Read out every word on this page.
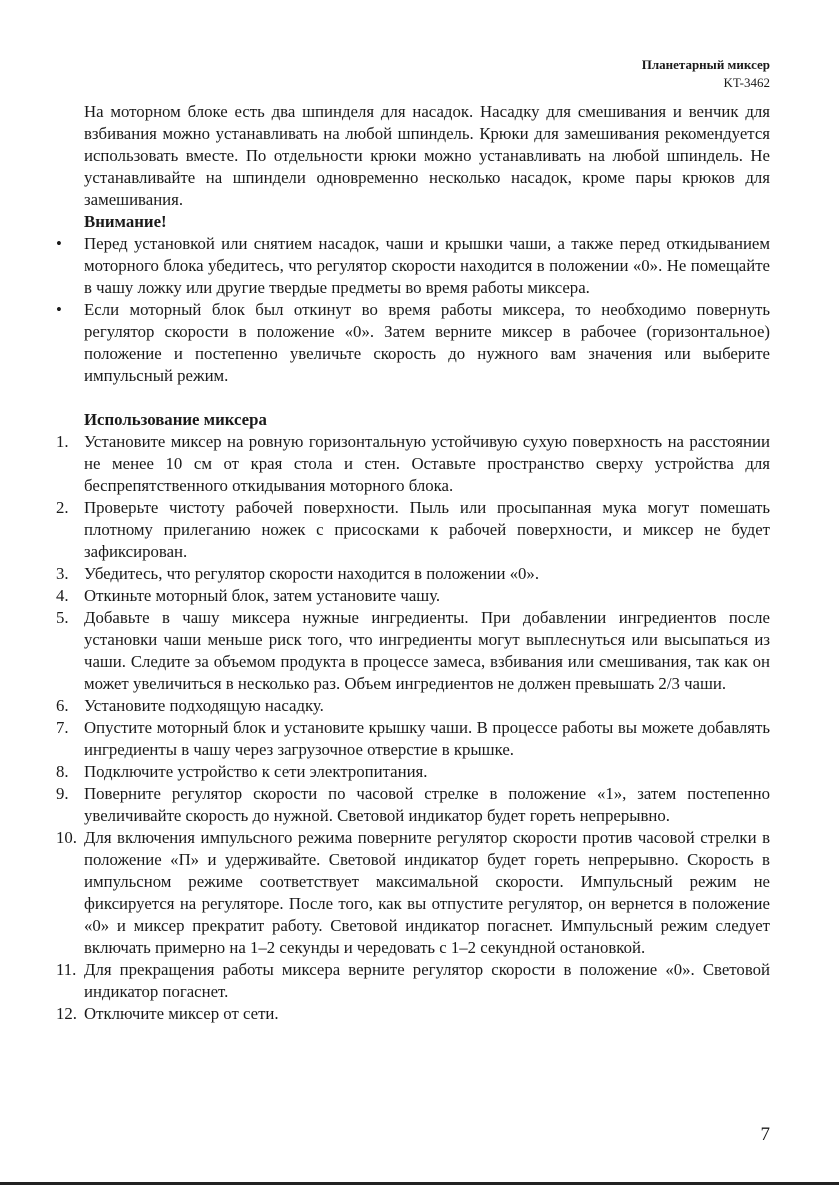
Планетарный миксер
KT-3462

На моторном блоке есть два шпинделя для насадок. Насадку для смешивания и венчик для взбивания можно устанавливать на любой шпиндель. Крюки для замешивания рекомендуется использовать вместе. По отдельности крюки можно устанавливать на любой шпиндель. Не устанавливайте на шпиндели одновременно несколько насадок, кроме пары крюков для замешивания.

Внимание!

•	Перед установкой или снятием насадок, чаши и крышки чаши, а также перед откидыванием моторного блока убедитесь, что регулятор скорости находится в положении «0». Не помещайте в чашу ложку или другие твердые предметы во время работы миксера.
•	Если моторный блок был откинут во время работы миксера, то необходимо повернуть регулятор скорости в положение «0». Затем верните миксер в рабочее (горизонтальное) положение и постепенно увеличьте скорость до нужного вам значения или выберите импульсный режим.

Использование миксера

1. Установите миксер на ровную горизонтальную устойчивую сухую поверхность на расстоянии не менее 10 см от края стола и стен. Оставьте пространство сверху устройства для беспрепятственного откидывания моторного блока.
2. Проверьте чистоту рабочей поверхности. Пыль или просыпанная мука могут помешать плотному прилеганию ножек с присосками к рабочей поверхности, и миксер не будет зафиксирован.
3. Убедитесь, что регулятор скорости находится в положении «0».
4. Откиньте моторный блок, затем установите чашу.
5. Добавьте в чашу миксера нужные ингредиенты. При добавлении ингредиентов после установки чаши меньше риск того, что ингредиенты могут выплеснуться или высыпаться из чаши. Следите за объемом продукта в процессе замеса, взбивания или смешивания, так как он может увеличиться в несколько раз. Объем ингредиентов не должен превышать 2/3 чаши.
6. Установите подходящую насадку.
7. Опустите моторный блок и установите крышку чаши. В процессе работы вы можете добавлять ингредиенты в чашу через загрузочное отверстие в крышке.
8. Подключите устройство к сети электропитания.
9. Поверните регулятор скорости по часовой стрелке в положение «1», затем постепенно увеличивайте скорость до нужной. Световой индикатор будет гореть непрерывно.
10. Для включения импульсного режима поверните регулятор скорости против часовой стрелки в положение «П» и удерживайте. Световой индикатор будет гореть непрерывно. Скорость в импульсном режиме соответствует максимальной скорости. Импульсный режим не фиксируется на регуляторе. После того, как вы отпустите регулятор, он вернется в положение «0» и миксер прекратит работу. Световой индикатор погаснет. Импульсный режим следует включать примерно на 1–2 секунды и чередовать с 1–2 секундной остановкой.
11. Для прекращения работы миксера верните регулятор скорости в положение «0». Световой индикатор погаснет.
12. Отключите миксер от сети.
7
